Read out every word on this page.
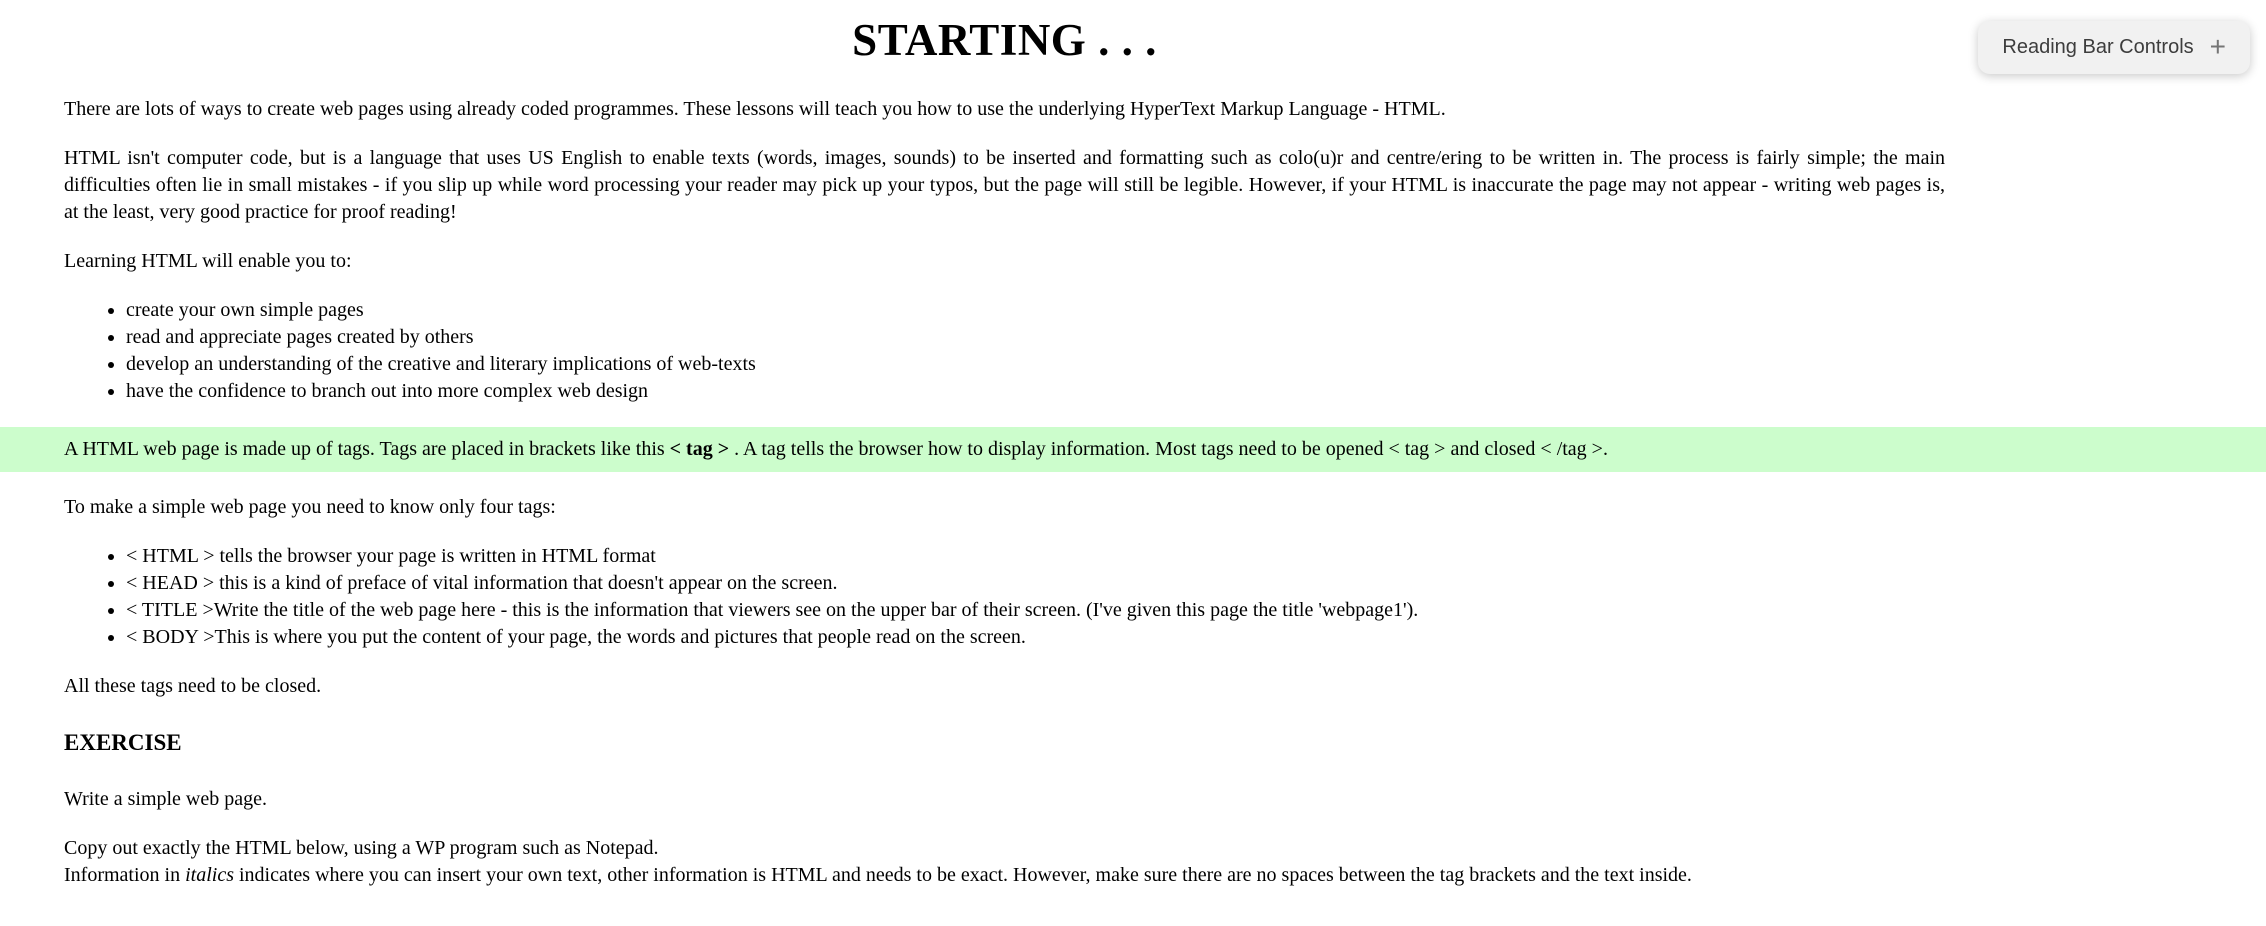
Reading Bar Controls +
STARTING . . .

There are lots of ways to create web pages using already coded programmes. These lessons will teach you how to use the underlying HyperText Markup Language - HTML.

HTML isn't computer code, but is a language that uses US English to enable texts (words, images, sounds) to be inserted and formatting such as colo(u)r and centre/ering to be written in. The process is fairly simple; the main difficulties often lie in small mistakes - if you slip up while word processing your reader may pick up your typos, but the page will still be legible. However, if your HTML is inaccurate the page may not appear - writing web pages is, at the least, very good practice for proof reading!

Learning HTML will enable you to:

• create your own simple pages
• read and appreciate pages created by others
• develop an understanding of the creative and literary implications of web-texts
• have the confidence to branch out into more complex web design
A HTML web page is made up of tags. Tags are placed in brackets like this < tag > . A tag tells the browser how to display information. Most tags need to be opened < tag > and closed < /tag >.

To make a simple web page you need to know only four tags:

• < HTML > tells the browser your page is written in HTML format
• < HEAD > this is a kind of preface of vital information that doesn't appear on the screen.
• < TITLE >Write the title of the web page here - this is the information that viewers see on the upper bar of their screen. (I've given this page the title 'webpage1').
• < BODY >This is where you put the content of your page, the words and pictures that people read on the screen.

All these tags need to be closed.

EXERCISE

Write a simple web page.

Copy out exactly the HTML below, using a WP program such as Notepad.
Information in italics indicates where you can insert your own text, other information is HTML and needs to be exact. However, make sure there are no spaces between the tag brackets and the text inside.
